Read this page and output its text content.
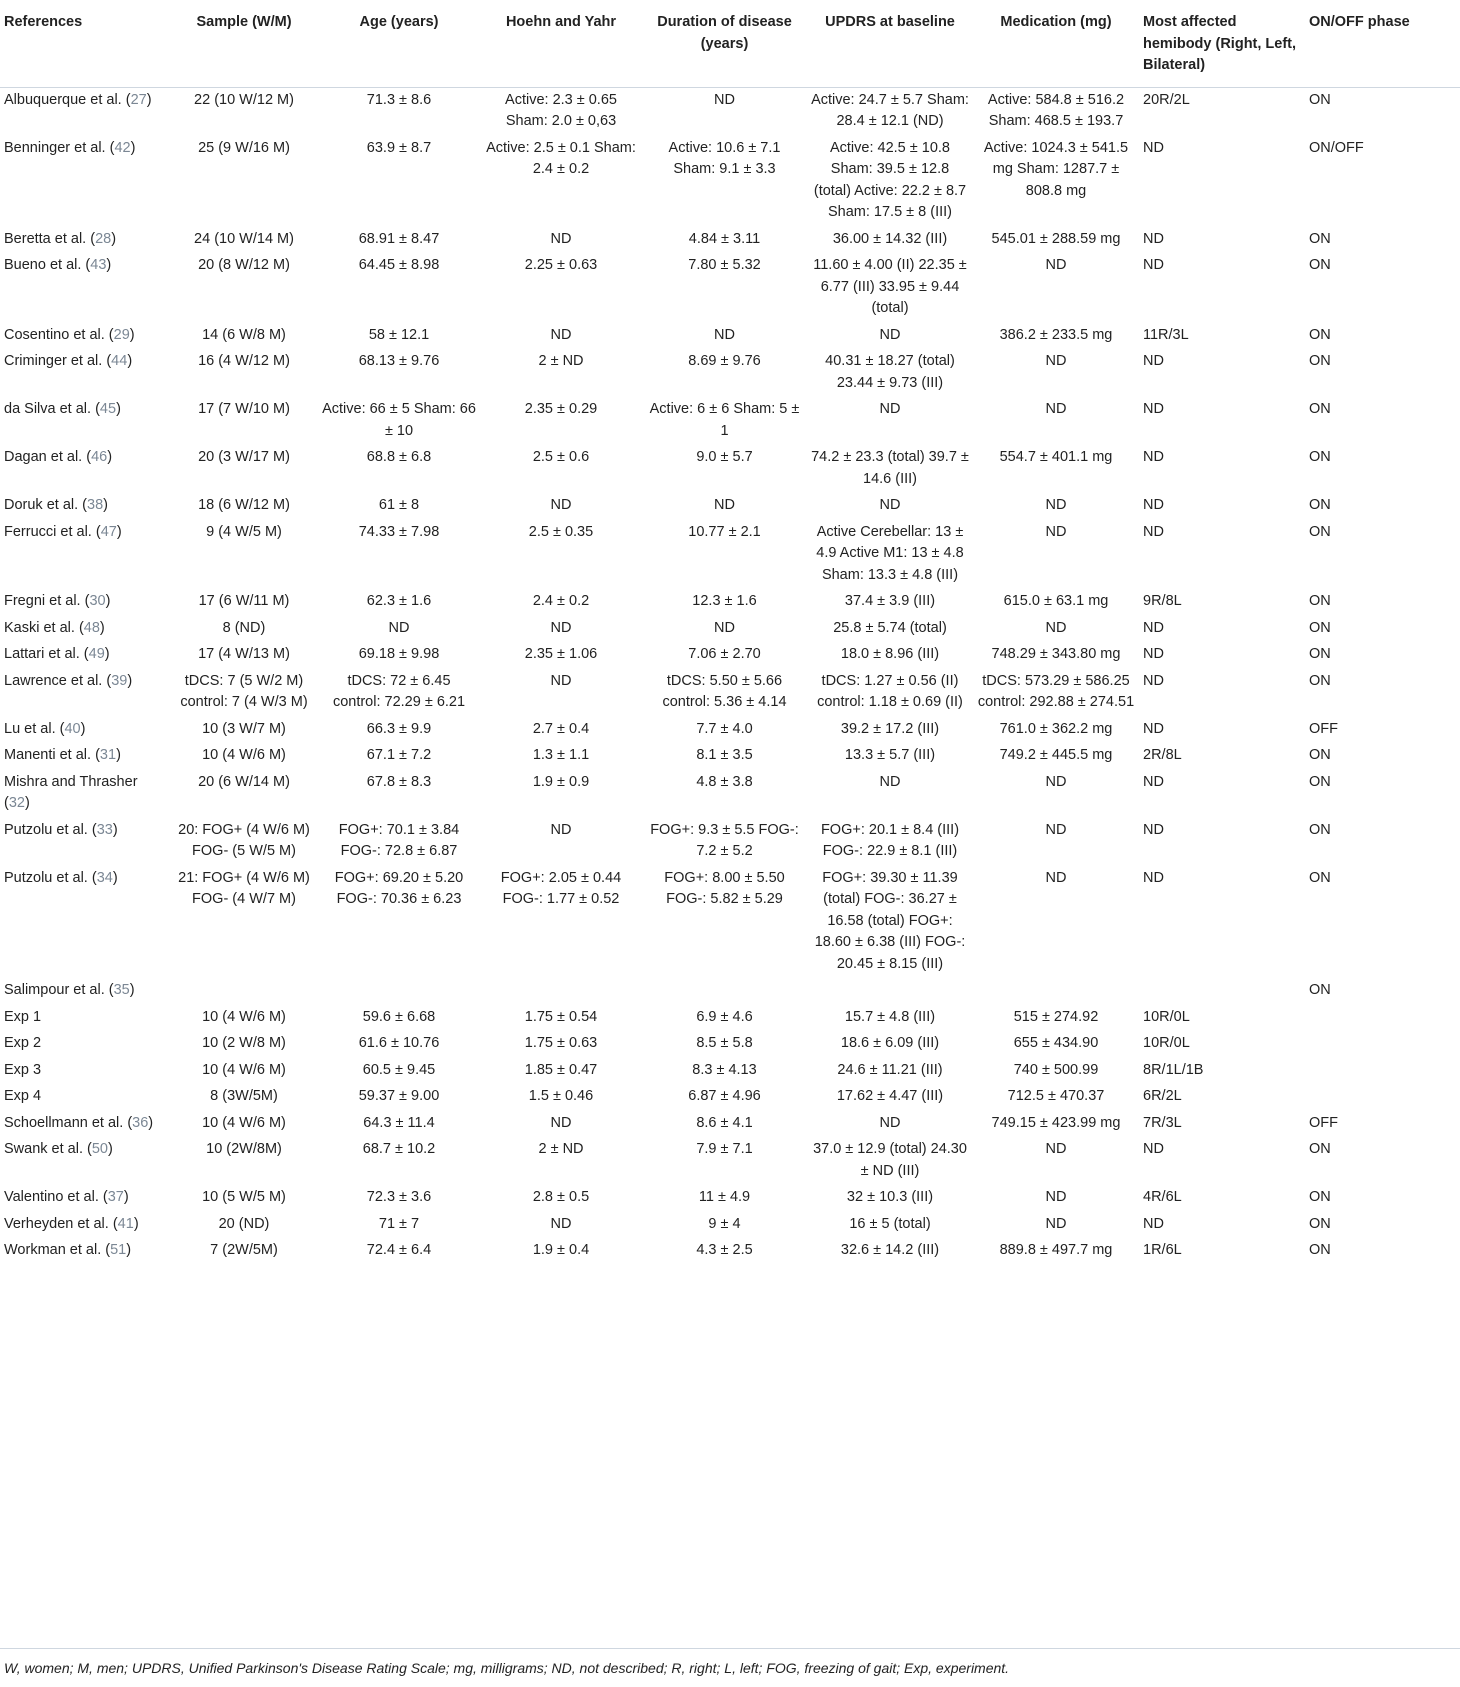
References	Sample (W/M)	Age (years)	Hoehn and Yahr	Duration of disease (years)	UPDRS at baseline	Medication (mg)	Most affected hemibody (Right, Left, Bilateral)	ON/OFF phase
Albuquerque et al. (27)	22 (10 W/12 M)	71.3 ± 8.6	Active: 2.3 ± 0.65 Sham: 2.0 ± 0,63	ND	Active: 24.7 ± 5.7 Sham: 28.4 ± 12.1 (ND)	Active: 584.8 ± 516.2 Sham: 468.5 ± 193.7	20R/2L	ON
Benninger et al. (42)	25 (9 W/16 M)	63.9 ± 8.7	Active: 2.5 ± 0.1 Sham: 2.4 ± 0.2	Active: 10.6 ± 7.1 Sham: 9.1 ± 3.3	Active: 42.5 ± 10.8 Sham: 39.5 ± 12.8 (total) Active: 22.2 ± 8.7 Sham: 17.5 ± 8 (III)	Active: 1024.3 ± 541.5 mg Sham: 1287.7 ± 808.8 mg	ND	ON/OFF
Beretta et al. (28)	24 (10 W/14 M)	68.91 ± 8.47	ND	4.84 ± 3.11	36.00 ± 14.32 (III)	545.01 ± 288.59 mg	ND	ON
Bueno et al. (43)	20 (8 W/12 M)	64.45 ± 8.98	2.25 ± 0.63	7.80 ± 5.32	11.60 ± 4.00 (II) 22.35 ± 6.77 (III) 33.95 ± 9.44 (total)	ND	ND	ON
Cosentino et al. (29)	14 (6 W/8 M)	58 ± 12.1	ND	ND	ND	386.2 ± 233.5 mg	11R/3L	ON
Criminger et al. (44)	16 (4 W/12 M)	68.13 ± 9.76	2 ± ND	8.69 ± 9.76	40.31 ± 18.27 (total) 23.44 ± 9.73 (III)	ND	ND	ON
da Silva et al. (45)	17 (7 W/10 M)	Active: 66 ± 5 Sham: 66 ± 10	2.35 ± 0.29	Active: 6 ± 6 Sham: 5 ± 1	ND	ND	ND	ON
Dagan et al. (46)	20 (3 W/17 M)	68.8 ± 6.8	2.5 ± 0.6	9.0 ± 5.7	74.2 ± 23.3 (total) 39.7 ± 14.6 (III)	554.7 ± 401.1 mg	ND	ON
Doruk et al. (38)	18 (6 W/12 M)	61 ± 8	ND	ND	ND	ND	ND	ON
Ferrucci et al. (47)	9 (4 W/5 M)	74.33 ± 7.98	2.5 ± 0.35	10.77 ± 2.1	Active Cerebellar: 13 ± 4.9 Active M1: 13 ± 4.8 Sham: 13.3 ± 4.8 (III)	ND	ND	ON
Fregni et al. (30)	17 (6 W/11 M)	62.3 ± 1.6	2.4 ± 0.2	12.3 ± 1.6	37.4 ± 3.9 (III)	615.0 ± 63.1 mg	9R/8L	ON
Kaski et al. (48)	8 (ND)	ND	ND	ND	25.8 ± 5.74 (total)	ND	ND	ON
Lattari et al. (49)	17 (4 W/13 M)	69.18 ± 9.98	2.35 ± 1.06	7.06 ± 2.70	18.0 ± 8.96 (III)	748.29 ± 343.80 mg	ND	ON
Lawrence et al. (39)	tDCS: 7 (5 W/2 M) control: 7 (4 W/3 M)	tDCS: 72 ± 6.45 control: 72.29 ± 6.21	ND	tDCS: 5.50 ± 5.66 control: 5.36 ± 4.14	tDCS: 1.27 ± 0.56 (II) control: 1.18 ± 0.69 (II)	tDCS: 573.29 ± 586.25 control: 292.88 ± 274.51	ND	ON
Lu et al. (40)	10 (3 W/7 M)	66.3 ± 9.9	2.7 ± 0.4	7.7 ± 4.0	39.2 ± 17.2 (III)	761.0 ± 362.2 mg	ND	OFF
Manenti et al. (31)	10 (4 W/6 M)	67.1 ± 7.2	1.3 ± 1.1	8.1 ± 3.5	13.3 ± 5.7 (III)	749.2 ± 445.5 mg	2R/8L	ON
Mishra and Thrasher (32)	20 (6 W/14 M)	67.8 ± 8.3	1.9 ± 0.9	4.8 ± 3.8	ND	ND	ND	ON
Putzolu et al. (33)	20: FOG+ (4 W/6 M) FOG- (5 W/5 M)	FOG+: 70.1 ± 3.84 FOG-: 72.8 ± 6.87	ND	FOG+: 9.3 ± 5.5 FOG-: 7.2 ± 5.2	FOG+: 20.1 ± 8.4 (III) FOG-: 22.9 ± 8.1 (III)	ND	ND	ON
Putzolu et al. (34)	21: FOG+ (4 W/6 M) FOG- (4 W/7 M)	FOG+: 69.20 ± 5.20 FOG-: 70.36 ± 6.23	FOG+: 2.05 ± 0.44 FOG-: 1.77 ± 0.52	FOG+: 8.00 ± 5.50 FOG-: 5.82 ± 5.29	FOG+: 39.30 ± 11.39 (total) FOG-: 36.27 ± 16.58 (total) FOG+: 18.60 ± 6.38 (III) FOG-: 20.45 ± 8.15 (III)	ND	ND	ON
Salimpour et al. (35)								ON
Exp 1	10 (4 W/6 M)	59.6 ± 6.68	1.75 ± 0.54	6.9 ± 4.6	15.7 ± 4.8 (III)	515 ± 274.92	10R/0L	
Exp 2	10 (2 W/8 M)	61.6 ± 10.76	1.75 ± 0.63	8.5 ± 5.8	18.6 ± 6.09 (III)	655 ± 434.90	10R/0L	
Exp 3	10 (4 W/6 M)	60.5 ± 9.45	1.85 ± 0.47	8.3 ± 4.13	24.6 ± 11.21 (III)	740 ± 500.99	8R/1L/1B	
Exp 4	8 (3W/5M)	59.37 ± 9.00	1.5 ± 0.46	6.87 ± 4.96	17.62 ± 4.47 (III)	712.5 ± 470.37	6R/2L	
Schoellmann et al. (36)	10 (4 W/6 M)	64.3 ± 11.4	ND	8.6 ± 4.1	ND	749.15 ± 423.99 mg	7R/3L	OFF
Swank et al. (50)	10 (2W/8M)	68.7 ± 10.2	2 ± ND	7.9 ± 7.1	37.0 ± 12.9 (total) 24.30 ± ND (III)	ND	ND	ON
Valentino et al. (37)	10 (5 W/5 M)	72.3 ± 3.6	2.8 ± 0.5	11 ± 4.9	32 ± 10.3 (III)	ND	4R/6L	ON
Verheyden et al. (41)	20 (ND)	71 ± 7	ND	9 ± 4	16 ± 5 (total)	ND	ND	ON
Workman et al. (51)	7 (2W/5M)	72.4 ± 6.4	1.9 ± 0.4	4.3 ± 2.5	32.6 ± 14.2 (III)	889.8 ± 497.7 mg	1R/6L	ON
W, women; M, men; UPDRS, Unified Parkinson's Disease Rating Scale; mg, milligrams; ND, not described; R, right; L, left; FOG, freezing of gait; Exp, experiment.
